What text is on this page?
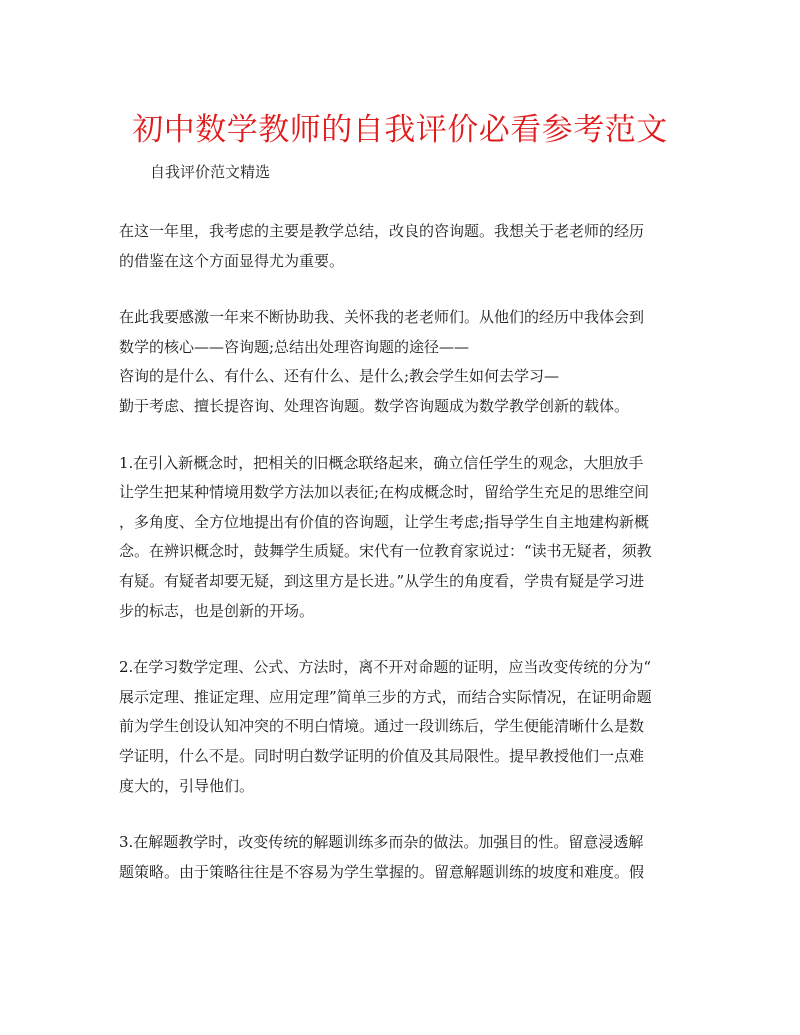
初中数学教师的自我评价必看参考范文

自我评价范文精选

在这一年里，我考虑的主要是教学总结，改良的咨询题。我想关于老老师的经历
的借鉴在这个方面显得尤为重要。

在此我要感激一年来不断协助我、关怀我的老老师们。从他们的经历中我体会到
数学的核心——咨询题;总结出处理咨询题的途径——
咨询的是什么、有什么、还有什么、是什么;教会学生如何去学习—
勤于考虑、擅长提咨询、处理咨询题。数学咨询题成为数学教学创新的载体。

1.在引入新概念时，把相关的旧概念联络起来，确立信任学生的观念，大胆放手
让学生把某种情境用数学方法加以表征;在构成概念时，留给学生充足的思维空间
，多角度、全方位地提出有价值的咨询题，让学生考虑;指导学生自主地建构新概
念。在辨识概念时，鼓舞学生质疑。宋代有一位教育家说过：“读书无疑者，须教
有疑。有疑者却要无疑，到这里方是长进。”从学生的角度看，学贵有疑是学习进
步的标志，也是创新的开场。

2.在学习数学定理、公式、方法时，离不开对命题的证明，应当改变传统的分为“
展示定理、推证定理、应用定理”简单三步的方式，而结合实际情况，在证明命题
前为学生创设认知冲突的不明白情境。通过一段训练后，学生便能清晰什么是数
学证明，什么不是。同时明白数学证明的价值及其局限性。提早教授他们一点难
度大的，引导他们。

3.在解题教学时，改变传统的解题训练多而杂的做法。加强目的性。留意浸透解
题策略。由于策略往往是不容易为学生掌握的。留意解题训练的坡度和难度。假
